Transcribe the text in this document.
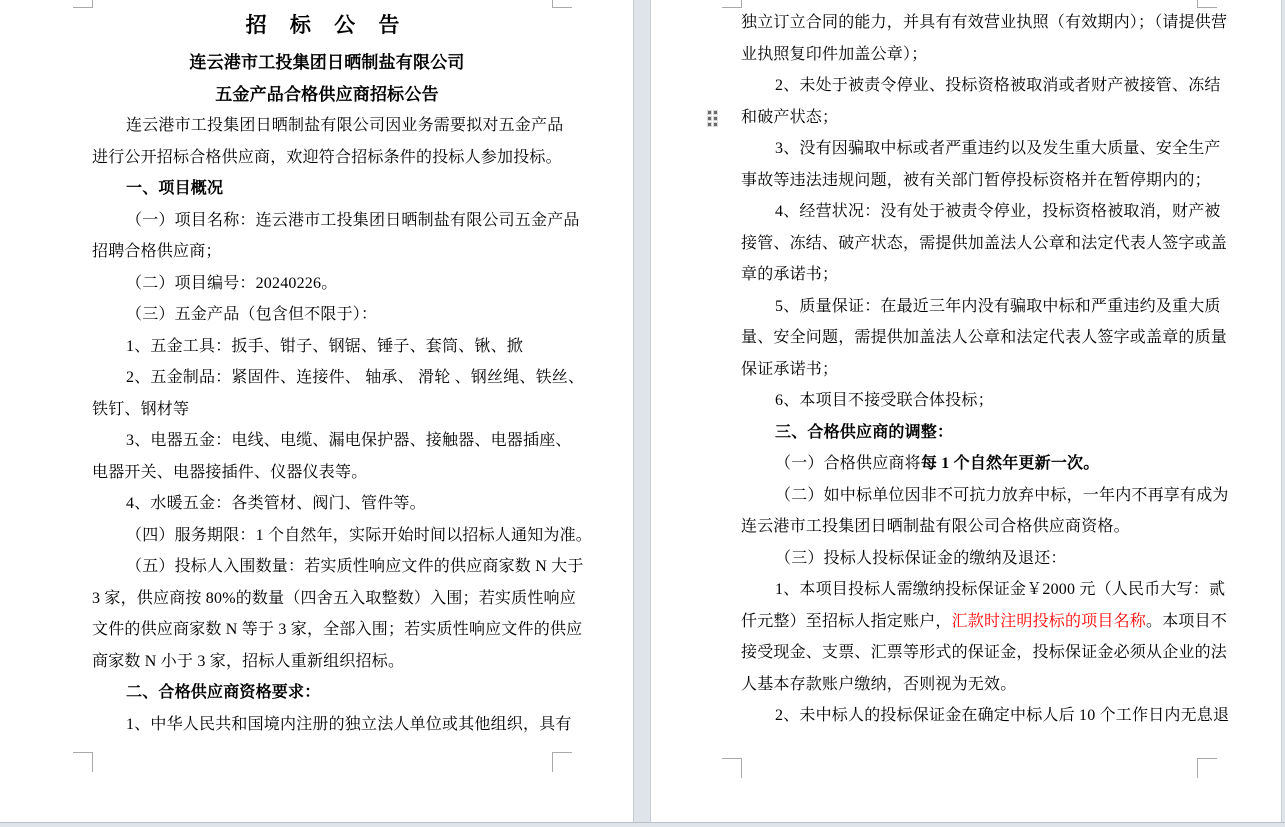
招 标 公 告
连云港市工投集团日晒制盐有限公司
五金产品合格供应商招标公告
连云港市工投集团日晒制盐有限公司因业务需要拟对五金产品
进行公开招标合格供应商，欢迎符合招标条件的投标人参加投标。
一、项目概况
（一）项目名称：连云港市工投集团日晒制盐有限公司五金产品
招聘合格供应商；
（二）项目编号：20240226。
（三）五金产品（包含但不限于）：
1、五金工具：扳手、钳子、钢锯、锤子、套筒、锹、掀
2、五金制品：紧固件、连接件、 轴承、 滑轮 、钢丝绳、铁丝、
铁钉、钢材等
3、电器五金：电线、电缆、漏电保护器、接触器、电器插座、
电器开关、电器接插件、仪器仪表等。
4、水暖五金：各类管材、阀门、管件等。
（四）服务期限：1 个自然年，实际开始时间以招标人通知为准。
（五）投标人入围数量：若实质性响应文件的供应商家数 N 大于
3 家，供应商按 80%的数量（四舍五入取整数）入围；若实质性响应
文件的供应商家数 N 等于 3 家，全部入围；若实质性响应文件的供应
商家数 N 小于 3 家，招标人重新组织招标。
二、合格供应商资格要求：
1、中华人民共和国境内注册的独立法人单位或其他组织，具有
独立订立合同的能力，并具有有效营业执照（有效期内）；（请提供营
业执照复印件加盖公章）；
2、未处于被责令停业、投标资格被取消或者财产被接管、冻结
和破产状态；
3、没有因骗取中标或者严重违约以及发生重大质量、安全生产
事故等违法违规问题，被有关部门暂停投标资格并在暂停期内的；
4、经营状况：没有处于被责令停业，投标资格被取消，财产被
接管、冻结、破产状态，需提供加盖法人公章和法定代表人签字或盖
章的承诺书；
5、质量保证：在最近三年内没有骗取中标和严重违约及重大质
量、安全问题，需提供加盖法人公章和法定代表人签字或盖章的质量
保证承诺书；
6、本项目不接受联合体投标；
三、合格供应商的调整：
（一）合格供应商将每 1 个自然年更新一次。
（二）如中标单位因非不可抗力放弃中标，一年内不再享有成为
连云港市工投集团日晒制盐有限公司合格供应商资格。
（三）投标人投标保证金的缴纳及退还：
1、本项目投标人需缴纳投标保证金￥2000 元（人民币大写：贰
仟元整）至招标人指定账户，汇款时注明投标的项目名称。本项目不
接受现金、支票、汇票等形式的保证金，投标保证金必须从企业的法
人基本存款账户缴纳，否则视为无效。
2、未中标人的投标保证金在确定中标人后 10 个工作日内无息退
